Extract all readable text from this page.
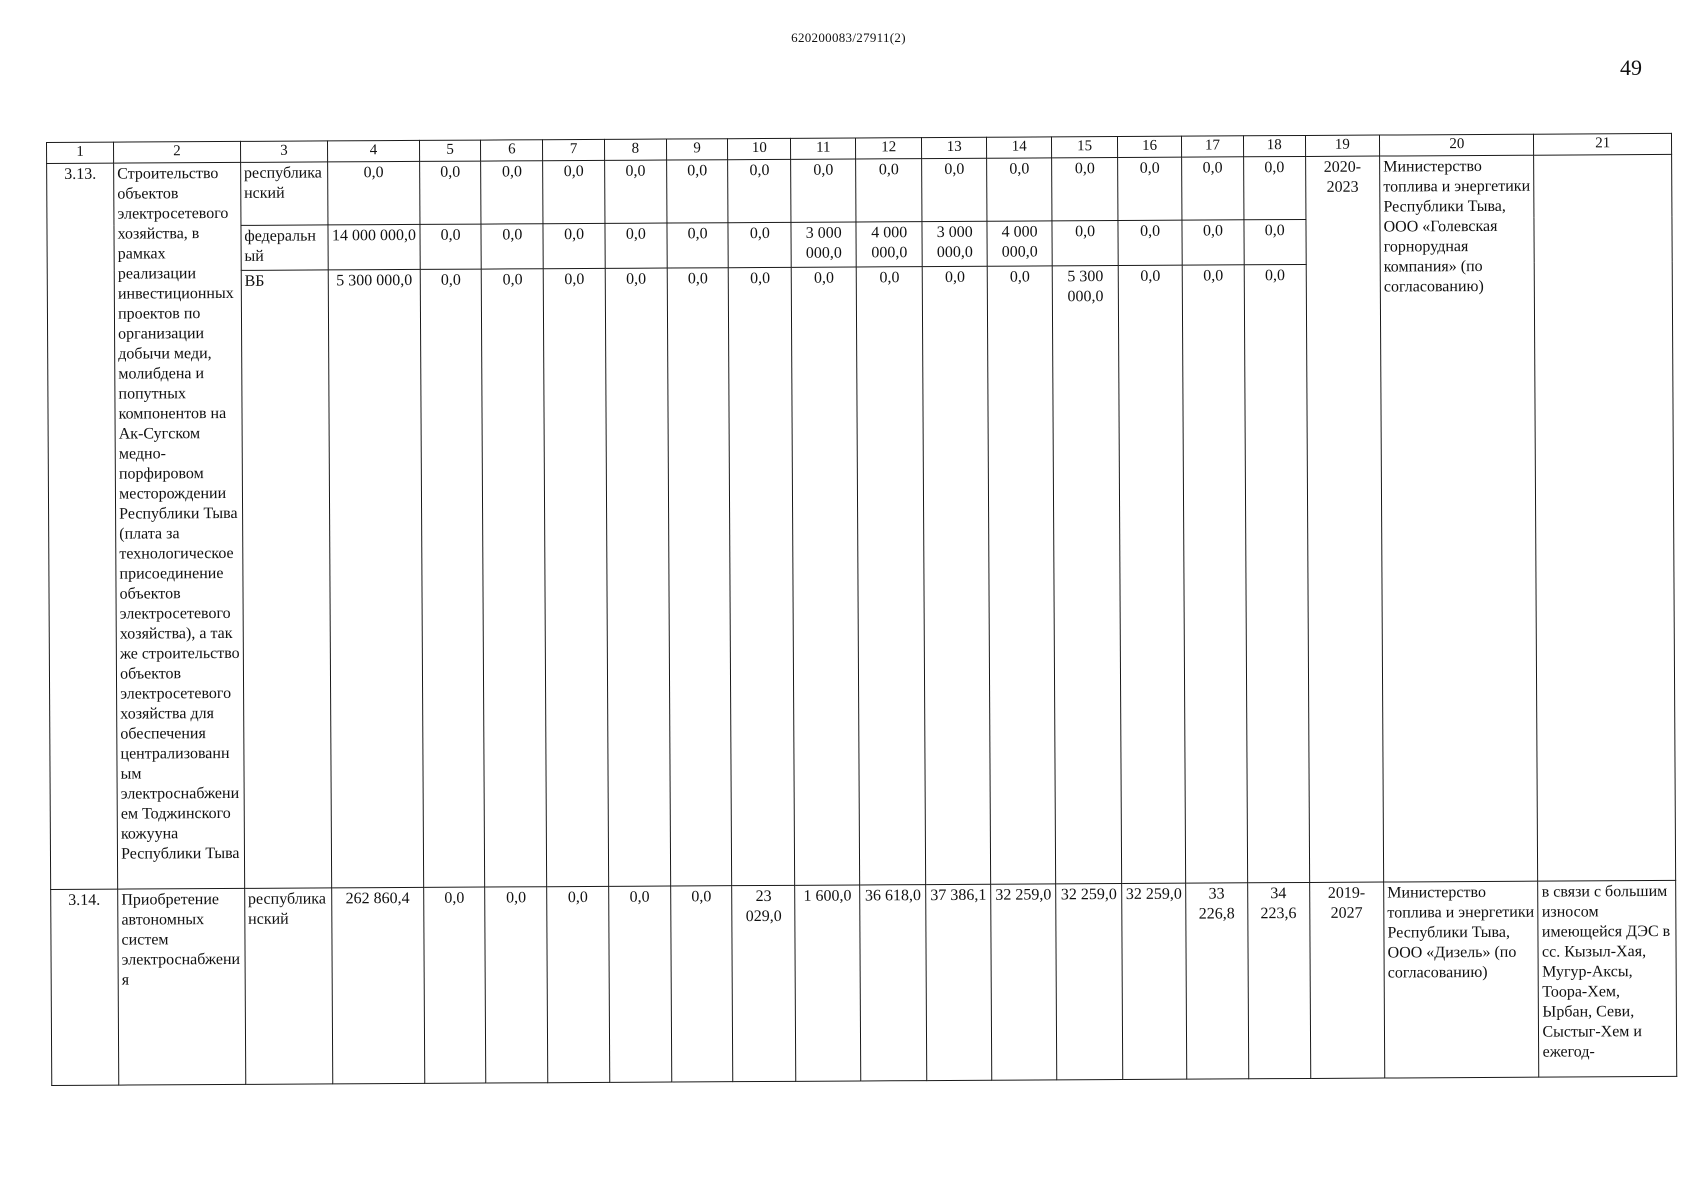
620200083/27911(2)
49
1	2	3	4	5	6	7	8	9	10	11	12	13	14	15	16	17	18	19	20	21
3.13.	Строительство объектов электросетевого хозяйства, в рамках реализации инвестиционных проектов по организации добычи меди, молибдена и попутных компонентов на Ак-Сугском медно-порфировом месторождении Республики Тыва (плата за технологическое присоединение объектов электросетевого хозяйства), а так же строительство объектов электросетевого хозяйства для обеспечения централизованным электроснабжением Тоджинского кожууна Республики Тыва	республиканский	0,0	0,0	0,0	0,0	0,0	0,0	0,0	0,0	0,0	0,0	0,0	0,0	0,0	0,0	0,0	2020-2023	Министерство топлива и энергетики Республики Тыва, ООО «Голевская горнорудная компания» (по согласованию)	
		федеральный	14 000 000,0	0,0	0,0	0,0	0,0	0,0	0,0	3 000 000,0	4 000 000,0	3 000 000,0	4 000 000,0	0,0	0,0	0,0	0,0			
		ВБ	5 300 000,0	0,0	0,0	0,0	0,0	0,0	0,0	0,0	0,0	0,0	0,0	5 300 000,0	0,0	0,0	0,0			
3.14.	Приобретение автономных систем электроснабжения	республиканский	262 860,4	0,0	0,0	0,0	0,0	0,0	23 029,0	1 600,0	36 618,0	37 386,1	32 259,0	32 259,0	32 259,0	33 226,8	34 223,6	2019-2027	Министерство топлива и энергетики Республики Тыва, ООО «Дизель» (по согласованию)	в связи с большим износом имеющейся ДЭС в сс. Кызыл-Хая, Мугур-Аксы, Тоора-Хем, Ырбан, Севи, Сыстыг-Хем и ежегод-
